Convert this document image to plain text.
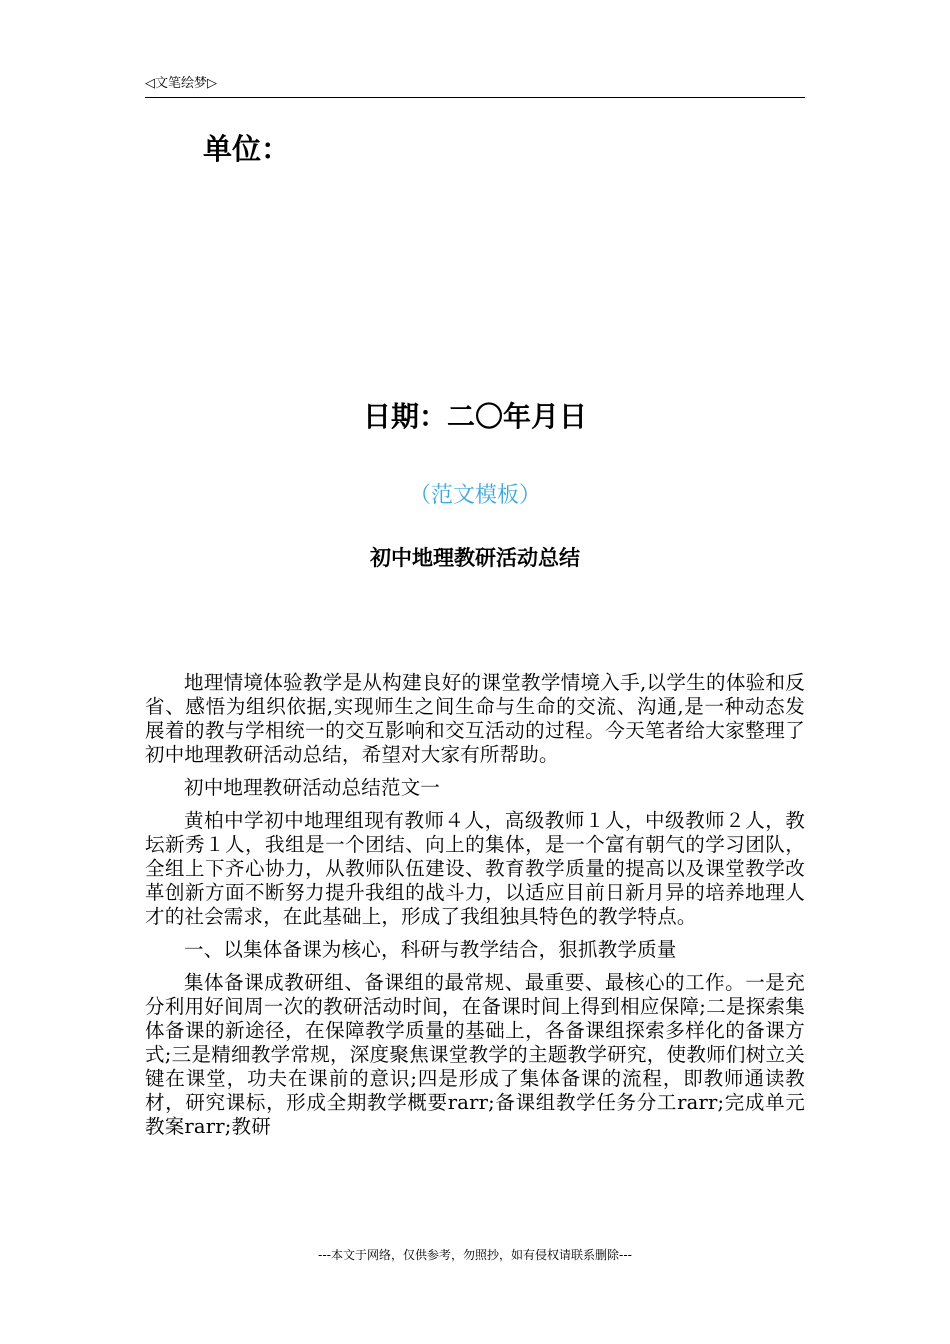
◁文笔绘梦▷
单位：
日期：二〇年月日
（范文模板）
初中地理教研活动总结

地理情境体验教学是从构建良好的课堂教学情境入手,以学生的体验和反省、感悟为组织依据,实现师生之间生命与生命的交流、沟通,是一种动态发展着的教与学相统一的交互影响和交互活动的过程。今天笔者给大家整理了初中地理教研活动总结，希望对大家有所帮助。

初中地理教研活动总结范文一

黄柏中学初中地理组现有教师４人，高级教师１人，中级教师２人，教坛新秀１人，我组是一个团结、向上的集体，是一个富有朝气的学习团队，全组上下齐心协力，从教师队伍建设、教育教学质量的提高以及课堂教学改革创新方面不断努力提升我组的战斗力，以适应目前日新月异的培养地理人才的社会需求，在此基础上，形成了我组独具特色的教学特点。

一、以集体备课为核心，科研与教学结合，狠抓教学质量

集体备课成教研组、备课组的最常规、最重要、最核心的工作。一是充分利用好间周一次的教研活动时间，在备课时间上得到相应保障;二是探索集体备课的新途径，在保障教学质量的基础上，各备课组探索多样化的备课方式;三是精细教学常规，深度聚焦课堂教学的主题教学研究，使教师们树立关键在课堂，功夫在课前的意识;四是形成了集体备课的流程，即教师通读教材，研究课标，形成全期教学概要rarr;备课组教学任务分工rarr;完成单元教案rarr;教研

---本文于网络，仅供参考，勿照抄，如有侵权请联系删除---
